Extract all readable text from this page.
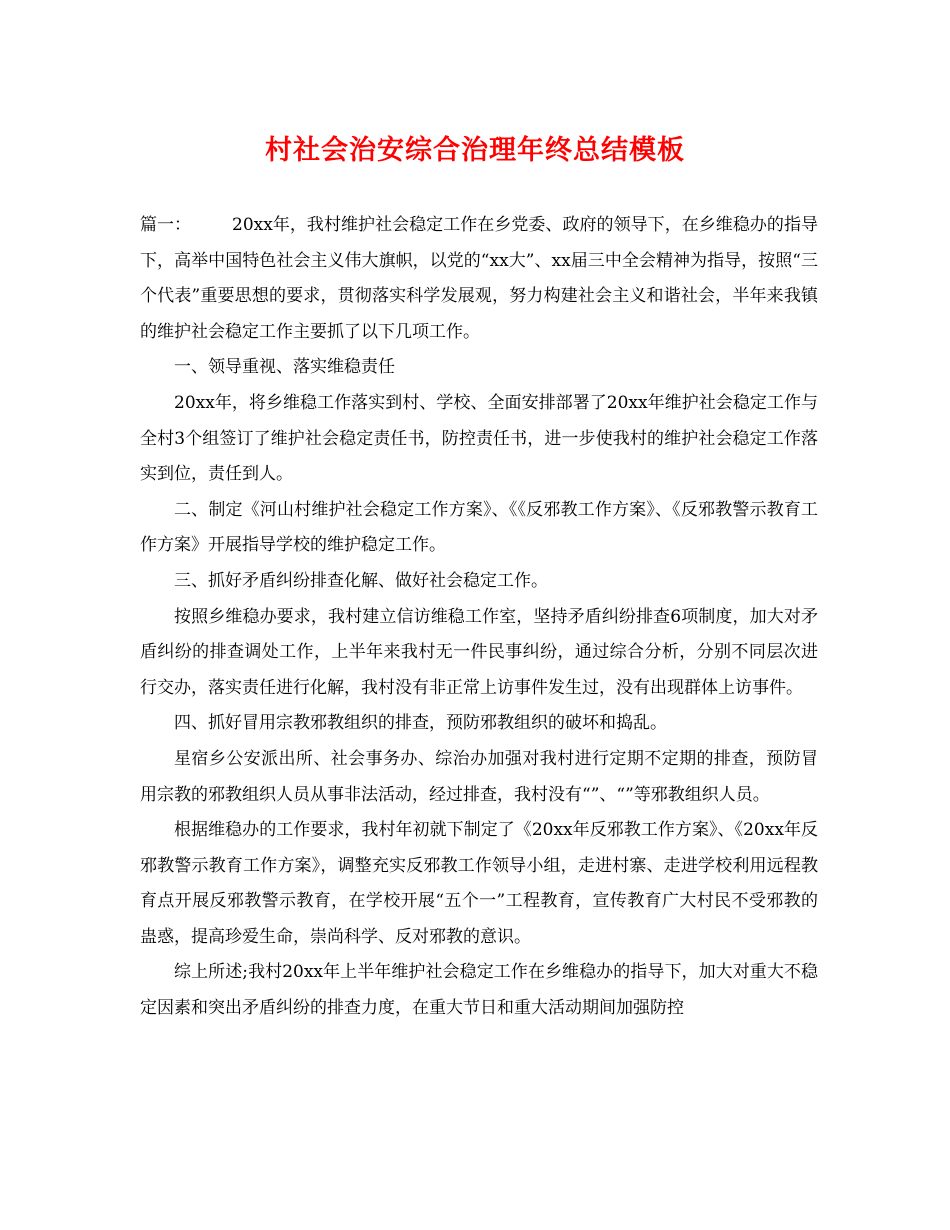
村社会治安综合治理年终总结模板

篇一： 20xx年，我村维护社会稳定工作在乡党委、政府的领导下，在乡维稳办的指导下，高举中国特色社会主义伟大旗帜，以党的“xx大”、xx届三中全会精神为指导，按照“三个代表”重要思想的要求，贯彻落实科学发展观，努力构建社会主义和谐社会，半年来我镇的维护社会稳定工作主要抓了以下几项工作。

一、领导重视、落实维稳责任

20xx年，将乡维稳工作落实到村、学校、全面安排部署了20xx年维护社会稳定工作与全村3个组签订了维护社会稳定责任书，防控责任书，进一步使我村的维护社会稳定工作落实到位，责任到人。

二、制定《河山村维护社会稳定工作方案》、《《反邪教工作方案》、《反邪教警示教育工作方案》开展指导学校的维护稳定工作。

三、抓好矛盾纠纷排查化解、做好社会稳定工作。

按照乡维稳办要求，我村建立信访维稳工作室，坚持矛盾纠纷排查6项制度，加大对矛盾纠纷的排查调处工作，上半年来我村无一件民事纠纷，通过综合分析，分别不同层次进行交办，落实责任进行化解，我村没有非正常上访事件发生过，没有出现群体上访事件。

四、抓好冒用宗教邪教组织的排查，预防邪教组织的破坏和捣乱。

星宿乡公安派出所、社会事务办、综治办加强对我村进行定期不定期的排查，预防冒用宗教的邪教组织人员从事非法活动，经过排查，我村没有“”、“”等邪教组织人员。

根据维稳办的工作要求，我村年初就下制定了《20xx年反邪教工作方案》、《20xx年反邪教警示教育工作方案》，调整充实反邪教工作领导小组，走进村寨、走进学校利用远程教育点开展反邪教警示教育，在学校开展“五个一”工程教育，宣传教育广大村民不受邪教的蛊惑，提高珍爱生命，崇尚科学、反对邪教的意识。

综上所述;我村20xx年上半年维护社会稳定工作在乡维稳办的指导下，加大对重大不稳定因素和突出矛盾纠纷的排查力度，在重大节日和重大活动期间加强防控
